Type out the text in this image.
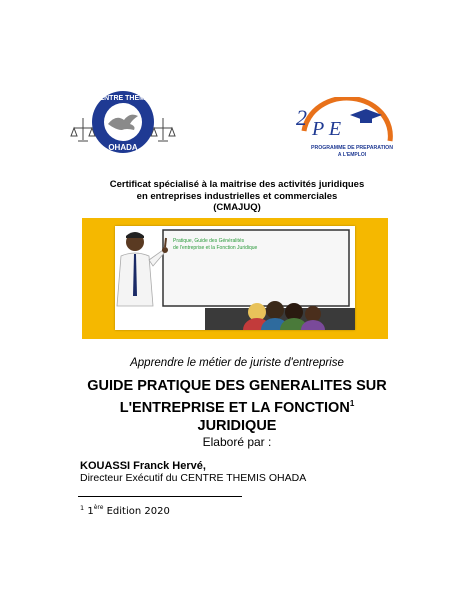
CENTRE THEMIS
OHADA
2 P E
PROGRAMME DE PREPARATION
A L'EMPLOI
Certificat spécialisé à la maitrise des activités juridiques
en entreprises industrielles et commerciales
(CMAJUQ)
Pratique, Guide des Généralités
de l'entreprise et la Fonction Juridique
Apprendre le métier de juriste d'entreprise
GUIDE PRATIQUE DES GENERALITES SUR
L'ENTREPRISE ET LA FONCTION$^1$
JURIDIQUE
Elaboré par :
KOUASSI Franck Hervé,
Directeur Exécutif du CENTRE THEMIS OHADA
$^1$ 1ère Edition 2020
